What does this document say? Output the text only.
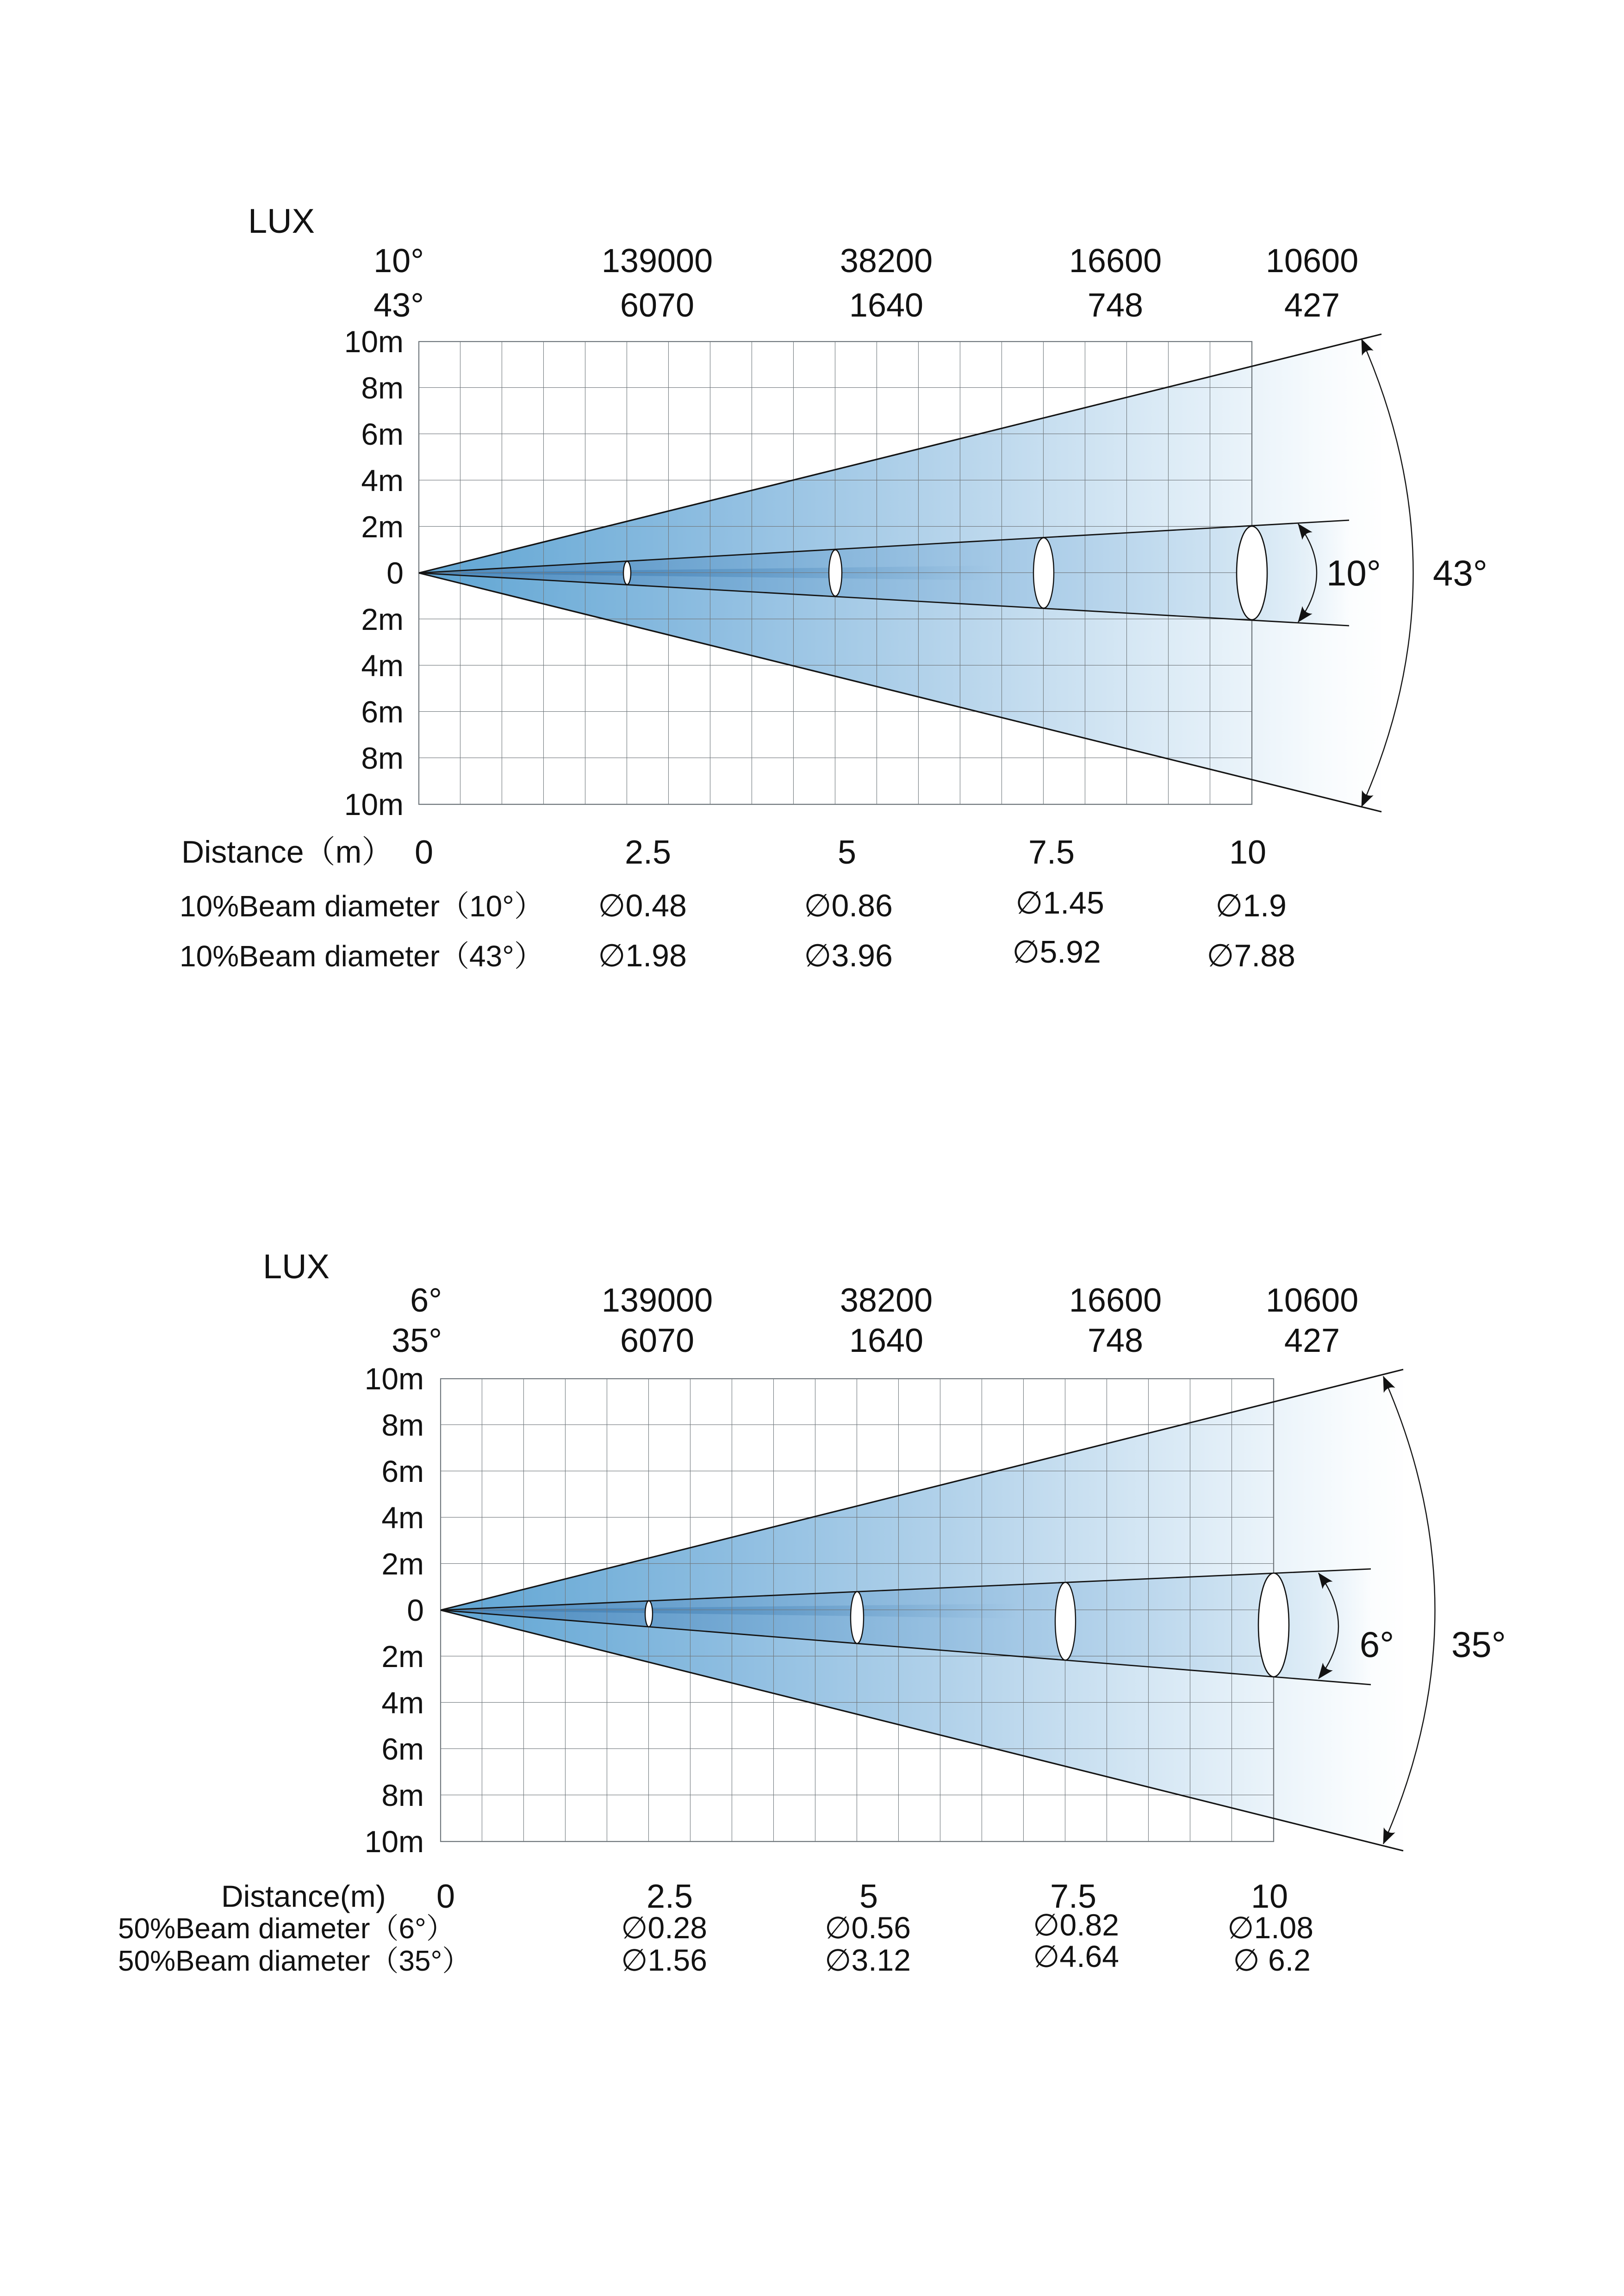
LUX
10°	139000	38200	16600	10600
43°	6070	1640	748	427
10m
8m
6m
4m
2m
0
2m
4m
6m
8m
10m
10° 43°
Distance（m） 0	2.5	5	7.5	10
10%Beam diameter（10°） ∅0.48	∅0.86	∅1.45	∅1.9
10%Beam diameter（43°） ∅1.98	∅3.96	∅5.92	∅7.88
LUX
6°	139000	38200	16600	10600
35°	6070	1640	748	427
10m
8m
6m
4m
2m
0
2m
4m
6m
8m
10m
6° 35°
Distance(m) 0	2.5	5	7.5	10
50%Beam diameter（6°）	∅0.28	∅0.56	∅0.82	∅1.08
50%Beam diameter（35°）	∅1.56	∅3.12	∅4.64	∅ 6.2
